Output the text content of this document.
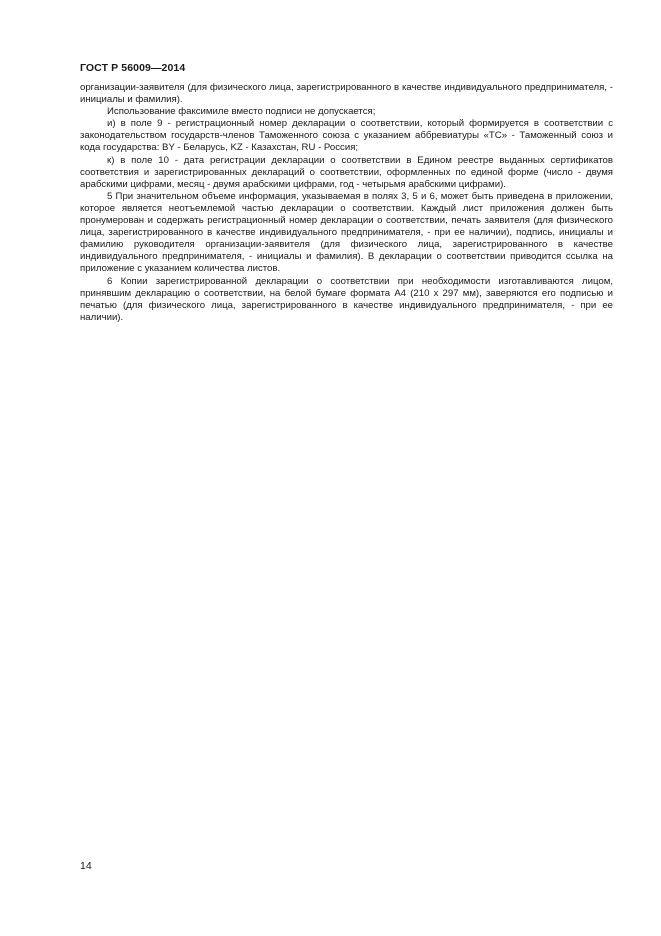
ГОСТ Р 56009—2014

организации-заявителя (для физического лица, зарегистрированного в качестве индивидуального предпринимателя, - инициалы и фамилия).

Использование факсимиле вместо подписи не допускается;

и) в поле 9 - регистрационный номер декларации о соответствии, который формируется в соответствии с законодательством государств-членов Таможенного союза с указанием аббревиатуры «ТС» - Таможенный союз и кода государства: BY - Беларусь, KZ - Казахстан, RU - Россия;

к) в поле 10 - дата регистрации декларации о соответствии в Едином реестре выданных сертификатов соответствия и зарегистрированных деклараций о соответствии, оформленных по единой форме (число - двумя арабскими цифрами, месяц - двумя арабскими цифрами, год - четырьмя арабскими цифрами).

5 При значительном объеме информация, указываемая в полях 3, 5 и 6, может быть приведена в приложении, которое является неотъемлемой частью декларации о соответствии. Каждый лист приложения должен быть пронумерован и содержать регистрационный номер декларации о соответствии, печать заявителя (для физического лица, зарегистрированного в качестве индивидуального предпринимателя, - при ее наличии), подпись, инициалы и фамилию руководителя организации-заявителя (для физического лица, зарегистрированного в качестве индивидуального предпринимателя, - инициалы и фамилия). В декларации о соответствии приводится ссылка на приложение с указанием количества листов.

6 Копии зарегистрированной декларации о соответствии при необходимости изготавливаются лицом, принявшим декларацию о соответствии, на белой бумаге формата А4 (210 х 297 мм), заверяются его подписью и печатью (для физического лица, зарегистрированного в качестве индивидуального предпринимателя, - при ее наличии).

14
